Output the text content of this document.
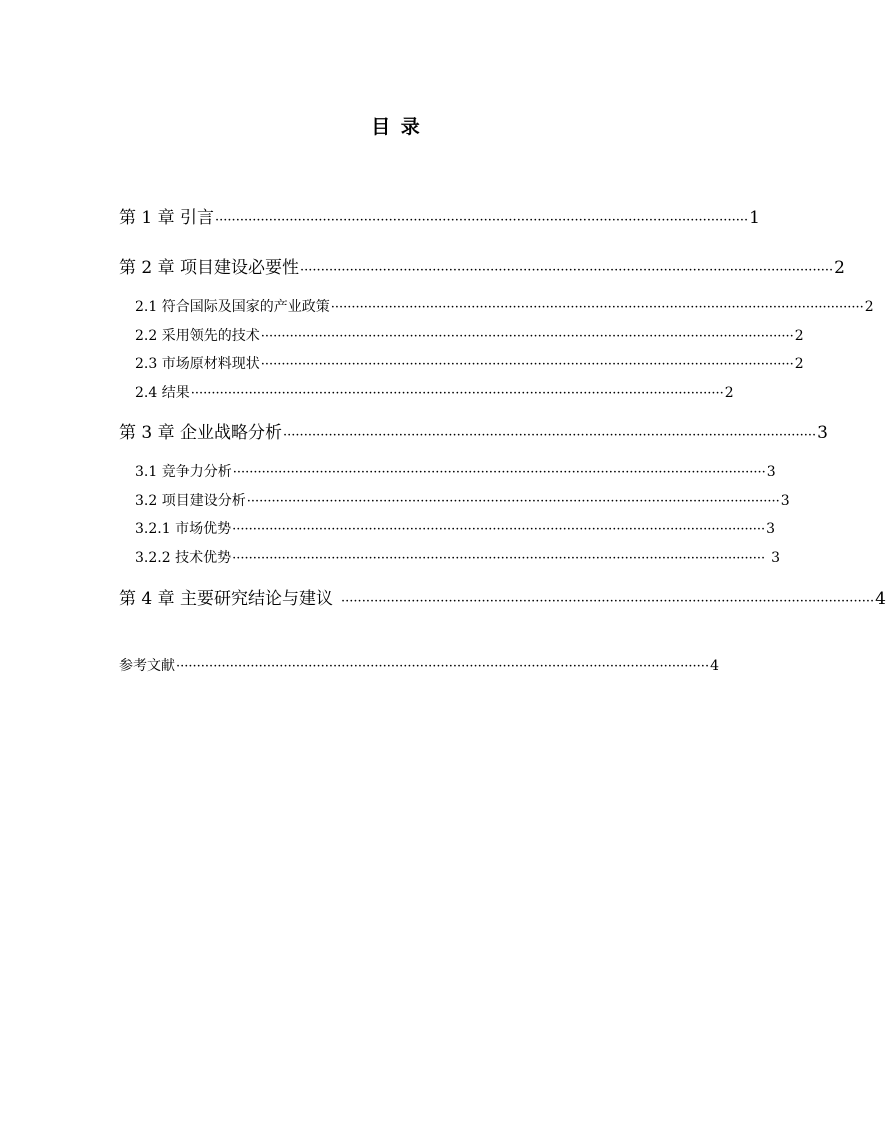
目 录
第 1 章 引言 ································································································································· 1
第 2 章 项目建设必要性 ································································································································· 2
2.1 符合国际及国家的产业政策 ································································································································· 2
2.2 采用领先的技术 ································································································································· 2
2.3 市场原材料现状 ································································································································· 2
2.4 结果 ································································································································· 2
第 3 章 企业战略分析 ································································································································· 3
3.1 竞争力分析 ································································································································· 3
3.2 项目建设分析 ································································································································· 3
3.2.1 市场优势 ································································································································· 3
3.2.2 技术优势 ································································································································· 3
第 4 章 主要研究结论与建议 ································································································································· 4
参考文献 ································································································································· 4
